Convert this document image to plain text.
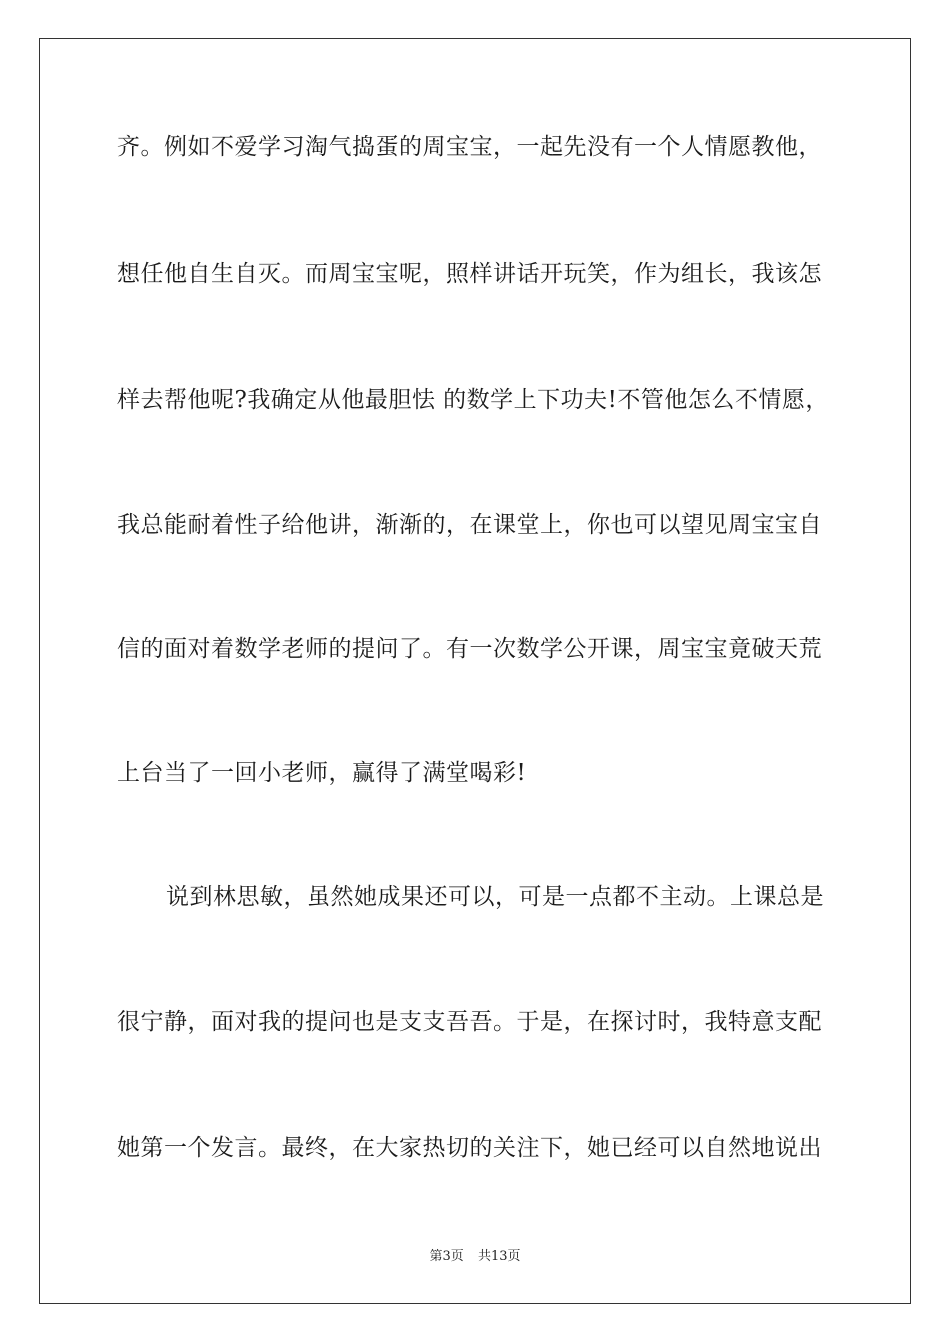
齐。例如不爱学习淘气捣蛋的周宝宝，一起先没有一个人情愿教他，
想任他自生自灭。而周宝宝呢，照样讲话开玩笑，作为组长，我该怎
样去帮他呢?我确定从他最胆怯 的数学上下功夫!不管他怎么不情愿，
我总能耐着性子给他讲，渐渐的，在课堂上，你也可以望见周宝宝自
信的面对着数学老师的提问了。有一次数学公开课，周宝宝竟破天荒
上台当了一回小老师，赢得了满堂喝彩!
说到林思敏，虽然她成果还可以，可是一点都不主动。上课总是
很宁静，面对我的提问也是支支吾吾。于是，在探讨时，我特意支配
她第一个发言。最终，在大家热切的关注下，她已经可以自然地说出
第3页 共13页
